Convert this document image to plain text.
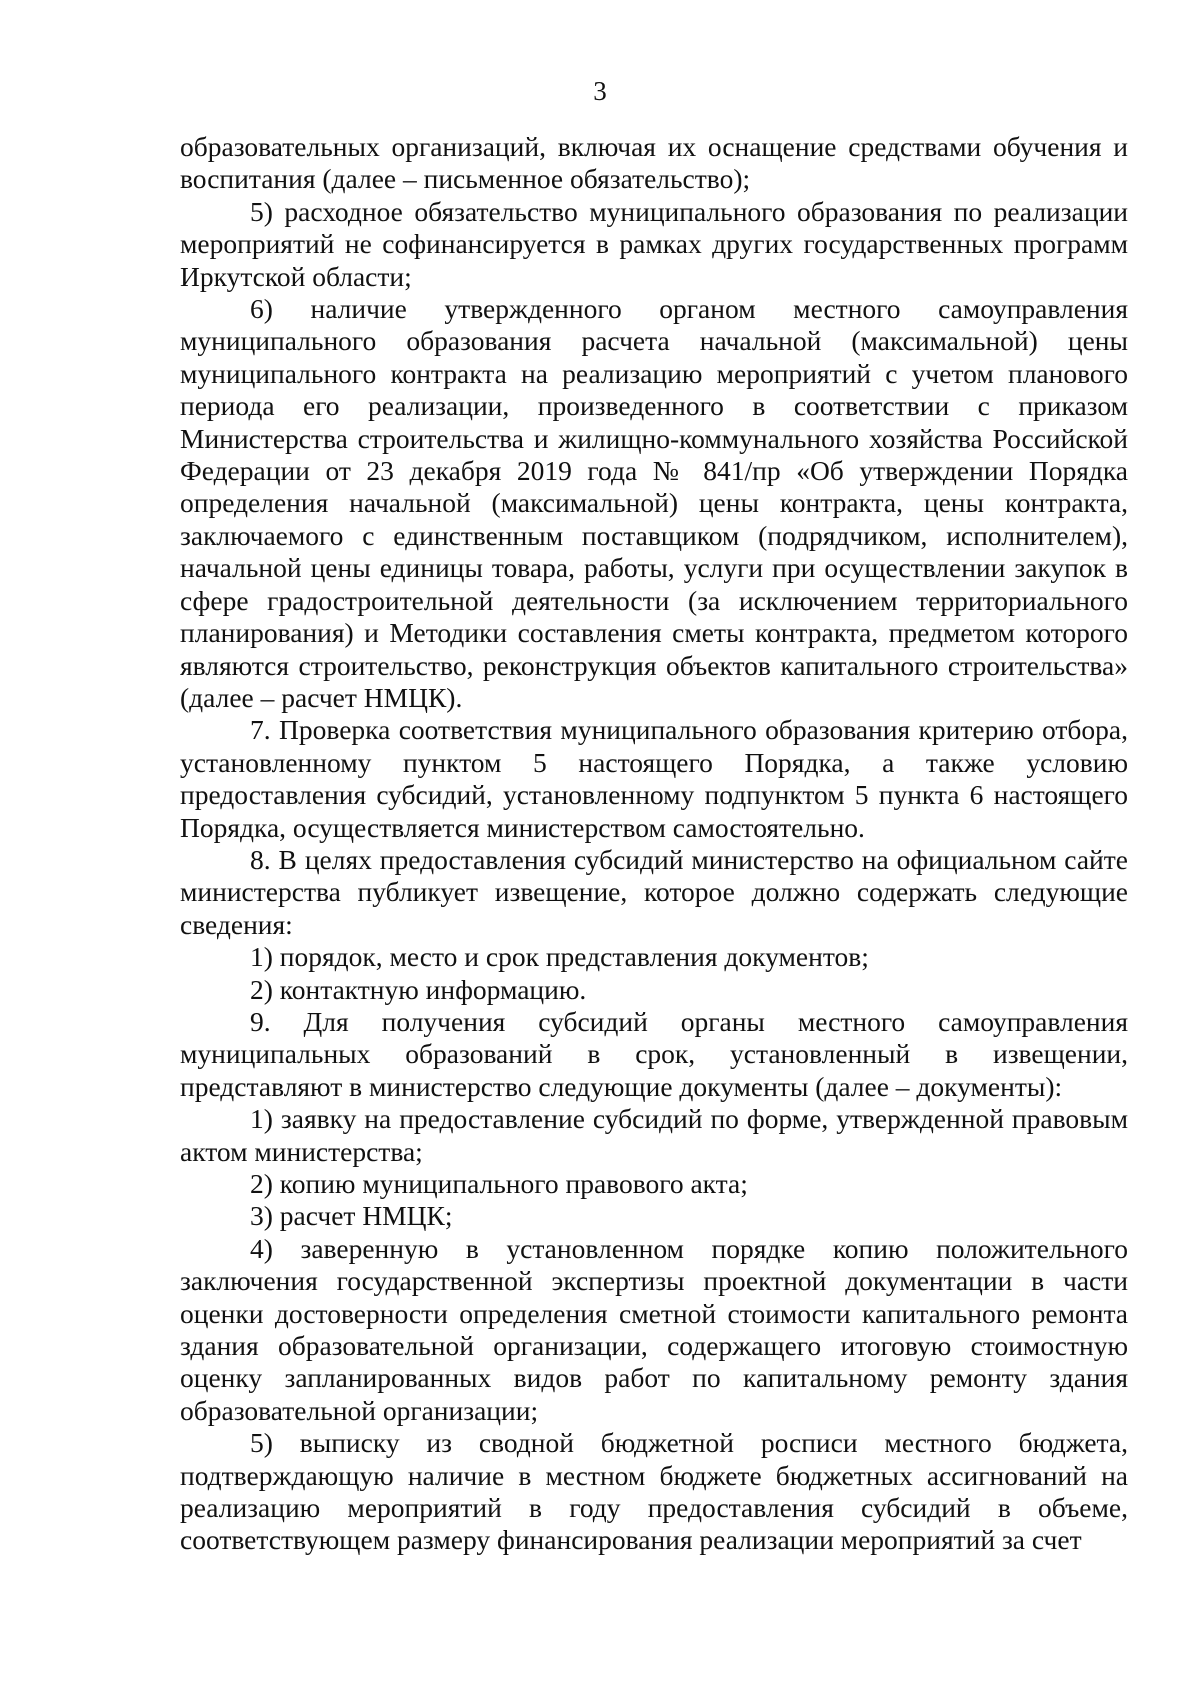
3

образовательных организаций, включая их оснащение средствами обучения и воспитания (далее – письменное обязательство);

5) расходное обязательство муниципального образования по реализации мероприятий не софинансируется в рамках других государственных программ Иркутской области;

6) наличие утвержденного органом местного самоуправления муниципального образования расчета начальной (максимальной) цены муниципального контракта на реализацию мероприятий с учетом планового периода его реализации, произведенного в соответствии с приказом Министерства строительства и жилищно-коммунального хозяйства Российской Федерации от 23 декабря 2019 года № 841/пр «Об утверждении Порядка определения начальной (максимальной) цены контракта, цены контракта, заключаемого с единственным поставщиком (подрядчиком, исполнителем), начальной цены единицы товара, работы, услуги при осуществлении закупок в сфере градостроительной деятельности (за исключением территориального планирования) и Методики составления сметы контракта, предметом которого являются строительство, реконструкция объектов капитального строительства» (далее – расчет НМЦК).

7. Проверка соответствия муниципального образования критерию отбора, установленному пунктом 5 настоящего Порядка, а также условию предоставления субсидий, установленному подпунктом 5 пункта 6 настоящего Порядка, осуществляется министерством самостоятельно.

8. В целях предоставления субсидий министерство на официальном сайте министерства публикует извещение, которое должно содержать следующие сведения:

1) порядок, место и срок представления документов;

2) контактную информацию.

9. Для получения субсидий органы местного самоуправления муниципальных образований в срок, установленный в извещении, представляют в министерство следующие документы (далее – документы):

1) заявку на предоставление субсидий по форме, утвержденной правовым актом министерства;

2) копию муниципального правового акта;

3) расчет НМЦК;

4) заверенную в установленном порядке копию положительного заключения государственной экспертизы проектной документации в части оценки достоверности определения сметной стоимости капитального ремонта здания образовательной организации, содержащего итоговую стоимостную оценку запланированных видов работ по капитальному ремонту здания образовательной организации;

5) выписку из сводной бюджетной росписи местного бюджета, подтверждающую наличие в местном бюджете бюджетных ассигнований на реализацию мероприятий в году предоставления субсидий в объеме, соответствующем размеру финансирования реализации мероприятий за счет
